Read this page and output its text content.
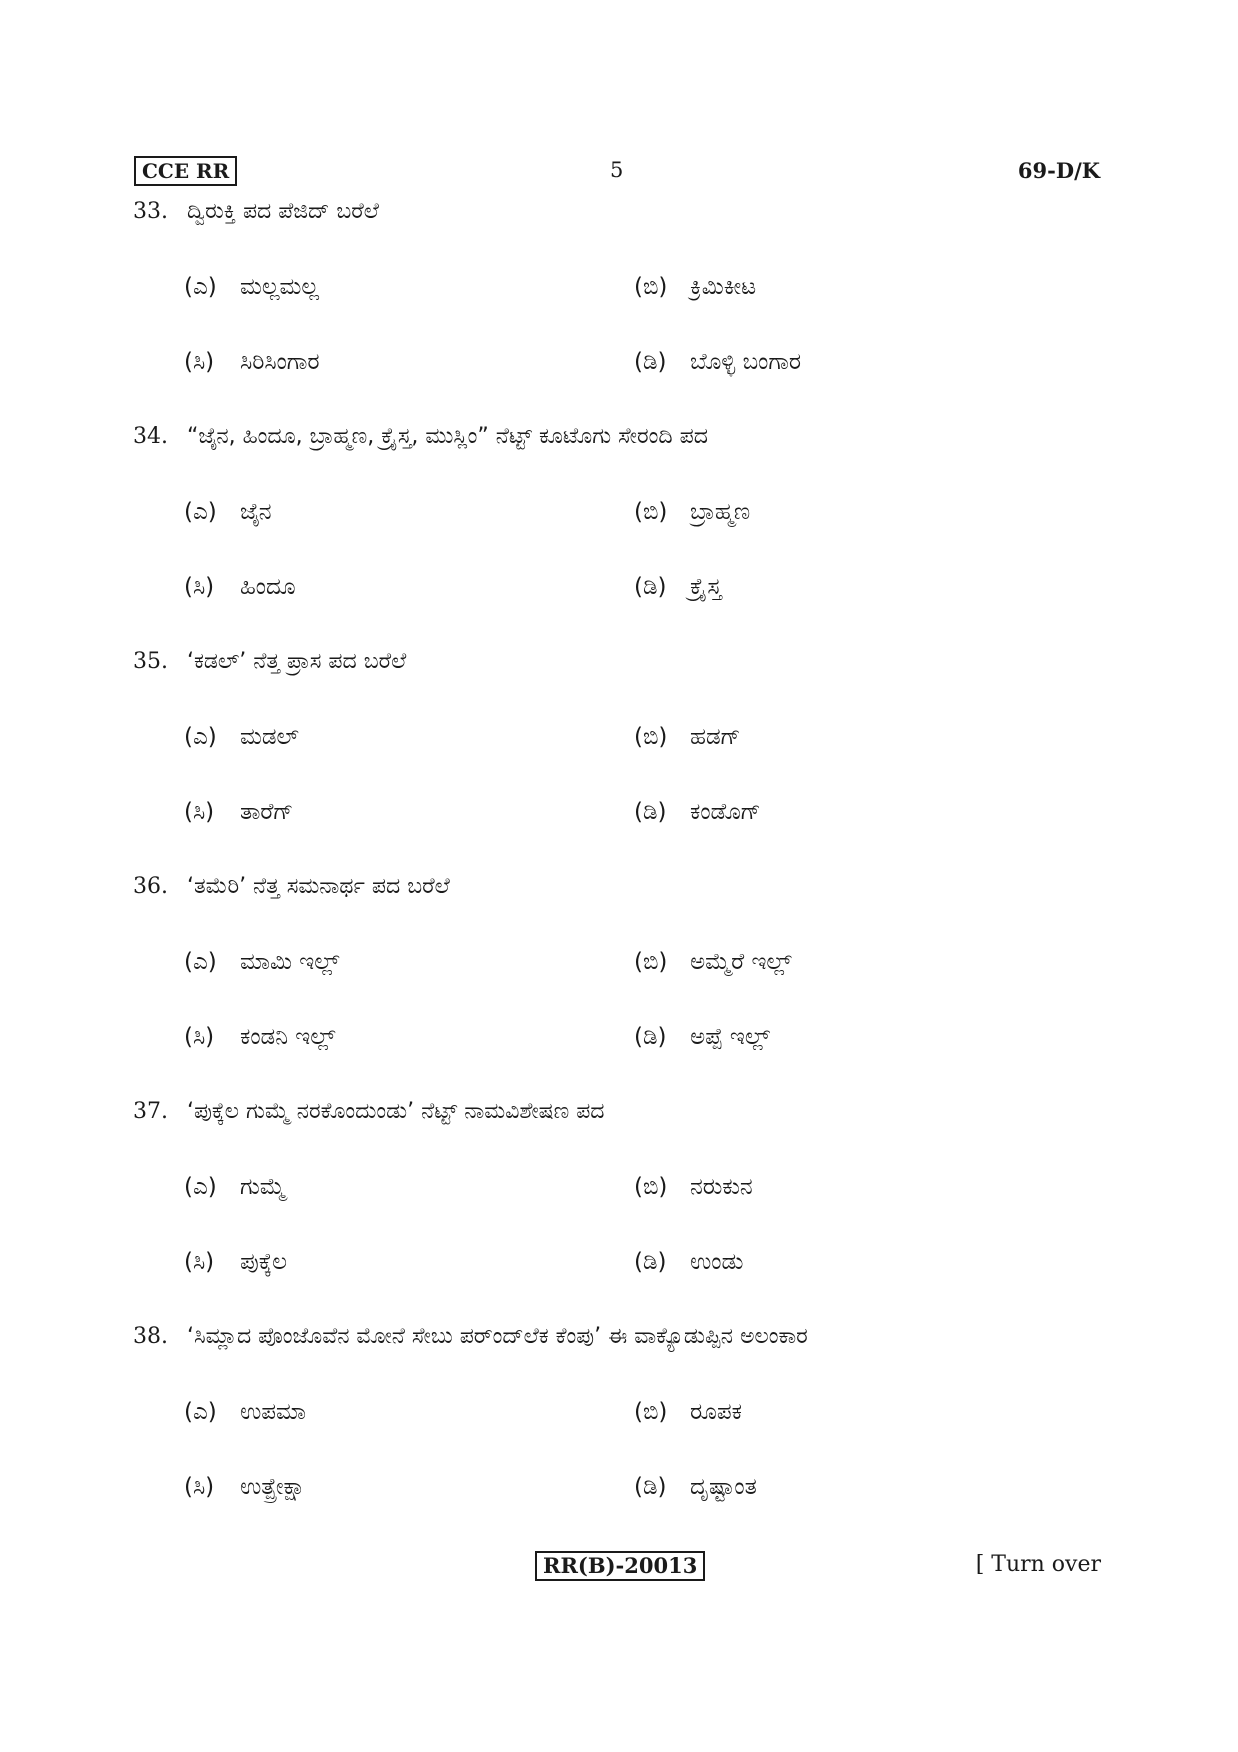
CCE RR	5	69-D/K
33. ದ್ವಿರುಕ್ತಿ ಪದ ಪೆಜಿದ್ ಬರೆಲೆ
(ಎ) ಮಲ್ಲಮಲ್ಲ	(ಬಿ) ಕ್ರಿಮಿಕೀಟ
(ಸಿ) ಸಿರಿಸಿಂಗಾರ	(ಡಿ) ಬೊಳ್ಳಿ ಬಂಗಾರ
34. “ಜೈನ, ಹಿಂದೂ, ಬ್ರಾಹ್ಮಣ, ಕ್ರೈಸ್ತ, ಮುಸ್ಲಿಂ” ನೆಟ್ಟ್ ಕೂಟೊಗು ಸೇರಂದಿ ಪದ
(ಎ) ಜೈನ	(ಬಿ) ಬ್ರಾಹ್ಮಣ
(ಸಿ) ಹಿಂದೂ	(ಡಿ) ಕ್ರೈಸ್ತ
35. ‘ಕಡಲ್’ ನೆತ್ತ ಪ್ರಾಸ ಪದ ಬರೆಲೆ
(ಎ) ಮಡಲ್	(ಬಿ) ಹಡಗ್
(ಸಿ) ತಾರೆಗ್	(ಡಿ) ಕಂಡೊಗ್
36. ‘ತಮೆರಿ’ ನೆತ್ತ ಸಮನಾರ್ಥ ಪದ ಬರೆಲೆ
(ಎ) ಮಾಮಿ ಇಲ್ಲ್	(ಬಿ) ಅಮ್ಮೆರೆ ಇಲ್ಲ್
(ಸಿ) ಕಂಡನಿ ಇಲ್ಲ್	(ಡಿ) ಅಪ್ಪೆ ಇಲ್ಲ್
37. ‘ಪುಕ್ಕೆಲ ಗುಮ್ಮೆ ನರಕೊಂದುಂಡು’ ನೆಟ್ಟ್ ನಾಮವಿಶೇಷಣ ಪದ
(ಎ) ಗುಮ್ಮೆ	(ಬಿ) ನರುಕುನ
(ಸಿ) ಪುಕ್ಕೆಲ	(ಡಿ) ಉಂಡು
38. ‘ಸಿಮ್ಲಾದ ಪೊಂಜೊವೆನ ಮೋನೆ ಸೇಬು ಪರ್ಂದ್‌ಲೆಕ ಕೆಂಪು’ ಈ ವಾಕ್ಯೊಡುಪ್ಪಿನ ಅಲಂಕಾರ
(ಎ) ಉಪಮಾ	(ಬಿ) ರೂಪಕ
(ಸಿ) ಉತ್ಪ್ರೇಕ್ಷಾ	(ಡಿ) ದೃಷ್ಟಾಂತ
RR(B)-20013	[ Turn over
